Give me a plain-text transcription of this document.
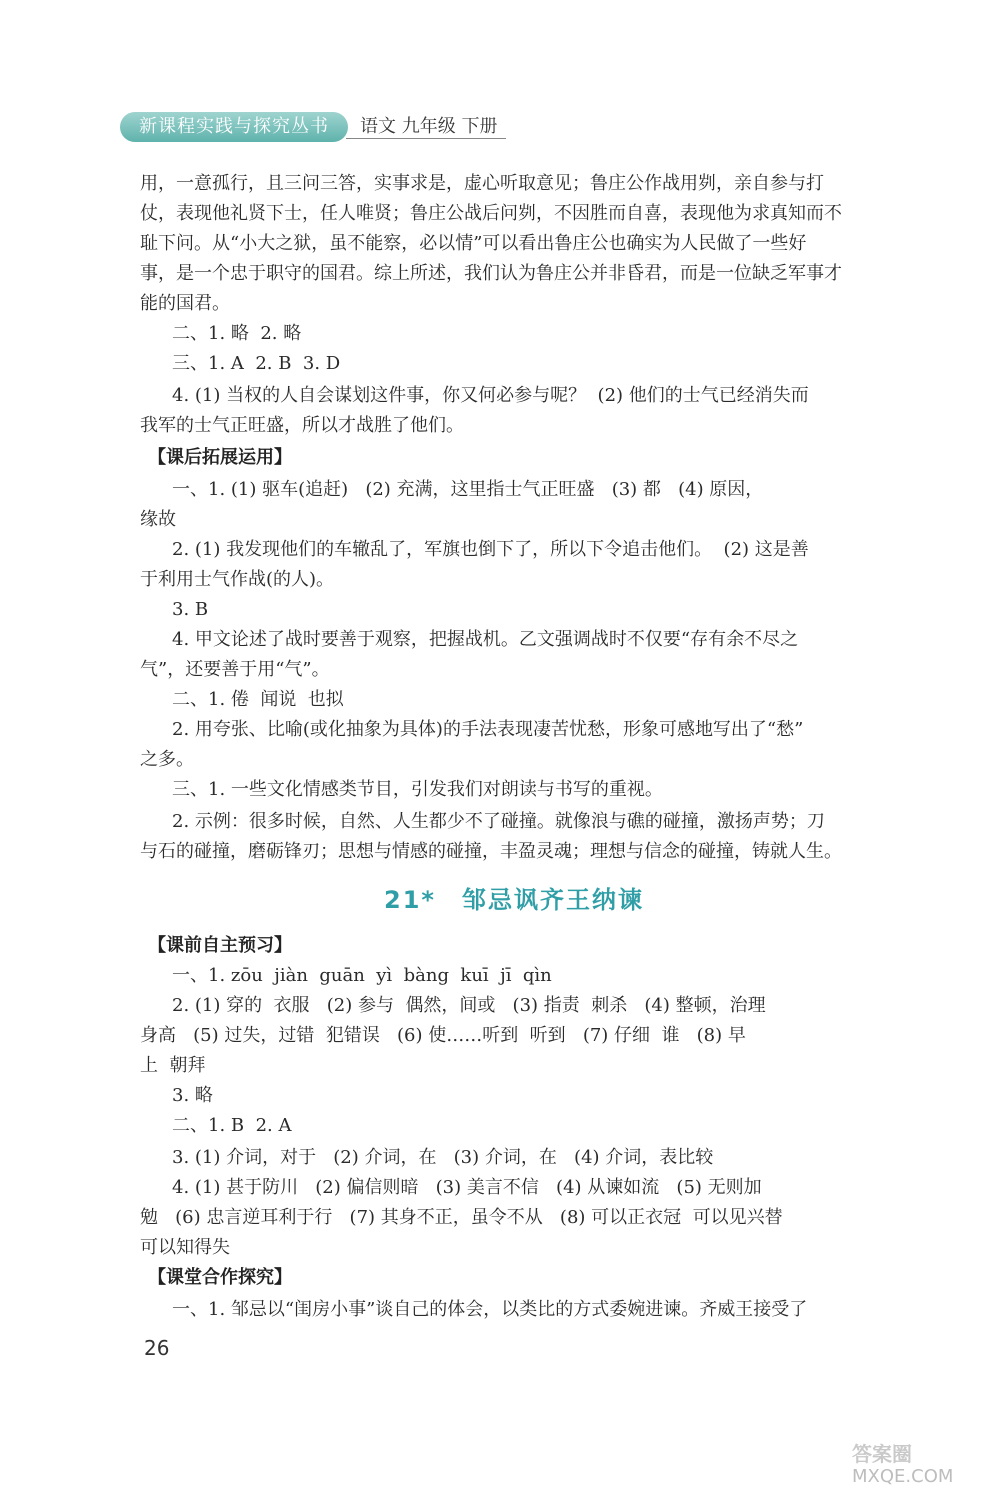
新课程实践与探究丛书	语文 九年级 下册
用，一意孤行，且三问三答，实事求是，虚心听取意见；鲁庄公作战用刿，亲自参与打
仗，表现他礼贤下士，任人唯贤；鲁庄公战后问刿，不因胜而自喜，表现他为求真知而不
耻下问。从“小大之狱，虽不能察，必以情”可以看出鲁庄公也确实为人民做了一些好
事，是一个忠于职守的国君。综上所述，我们认为鲁庄公并非昏君，而是一位缺乏军事才
能的国君。
二、1. 略  2. 略
三、1. A  2. B  3. D
4. (1) 当权的人自会谋划这件事，你又何必参与呢？  (2) 他们的士气已经消失而
我军的士气正旺盛，所以才战胜了他们。
【课后拓展运用】
一、1. (1) 驱车(追赶)   (2) 充满，这里指士气正旺盛   (3) 都   (4) 原因，
缘故
2. (1) 我发现他们的车辙乱了，军旗也倒下了，所以下令追击他们。  (2) 这是善
于利用士气作战(的人)。
3. B
4. 甲文论述了战时要善于观察，把握战机。乙文强调战时不仅要“存有余不尽之
气”，还要善于用“气”。
二、1. 倦  闻说  也拟
2. 用夸张、比喻(或化抽象为具体)的手法表现凄苦忧愁，形象可感地写出了“愁”
之多。
三、1. 一些文化情感类节目，引发我们对朗读与书写的重视。
2. 示例：很多时候，自然、人生都少不了碰撞。就像浪与礁的碰撞，激扬声势；刀
与石的碰撞，磨砺锋刃；思想与情感的碰撞，丰盈灵魂；理想与信念的碰撞，铸就人生。
21* 邹忌讽齐王纳谏
【课前自主预习】
一、1. zōu  jiàn  guān  yì  bàng  kuī  jī  qìn
2. (1) 穿的  衣服   (2) 参与  偶然，间或   (3) 指责  刺杀   (4) 整顿，治理
身高   (5) 过失，过错  犯错误   (6) 使……听到  听到   (7) 仔细  谁   (8) 早
上  朝拜
3. 略
二、1. B  2. A
3. (1) 介词，对于   (2) 介词，在   (3) 介词，在   (4) 介词，表比较
4. (1) 甚于防川   (2) 偏信则暗   (3) 美言不信   (4) 从谏如流   (5) 无则加
勉   (6) 忠言逆耳利于行   (7) 其身不正，虽令不从   (8) 可以正衣冠  可以见兴替
可以知得失
【课堂合作探究】
一、1. 邹忌以“闺房小事”谈自己的体会，以类比的方式委婉进谏。齐威王接受了
26
答案圈
MXQE.COM
